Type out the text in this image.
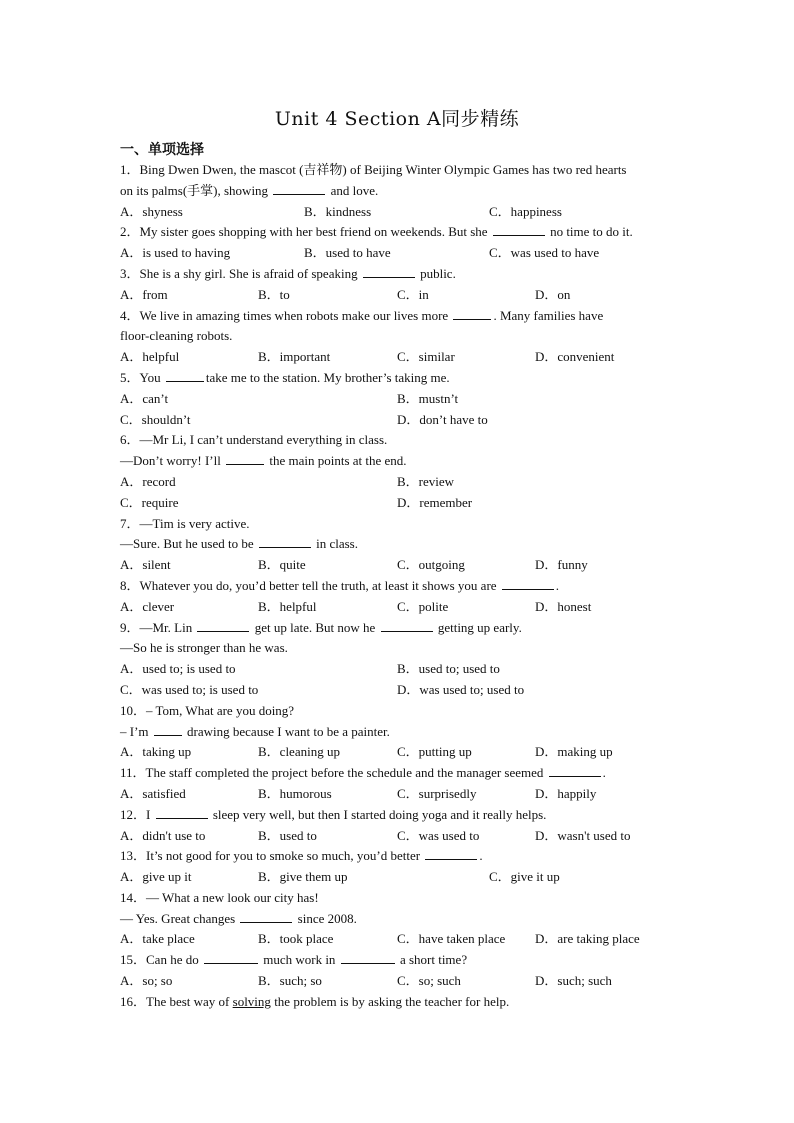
Unit 4 Section A同步精练
一、单项选择
1．Bing Dwen Dwen, the mascot (吉祥物) of Beijing Winter Olympic Games has two red hearts
on its palms(手掌), showing	and love.
A．shyness	B．kindness	C．happiness
2．My sister goes shopping with her best friend on weekends. But she	no time to do it.
A．is used to having	B．used to have	C．was used to have
3．She is a shy girl. She is afraid of speaking	public.
A．from	B．to	C．in	D．on
4．We live in amazing times when robots make our lives more	. Many families have
floor-cleaning robots.
A．helpful	B．important	C．similar	D．convenient
5．You	take me to the station. My brother’s taking me.
A．can’t	B．mustn’t
C．shouldn’t	D．don’t have to
6．—Mr Li, I can’t understand everything in class.
—Don’t worry! I’ll	the main points at the end.
A．record	B．review
C．require	D．remember
7．—Tim is very active.
—Sure. But he used to be	in class.
A．silent	B．quite	C．outgoing	D．funny
8．Whatever you do, you’d better tell the truth, at least it shows you are	.
A．clever	B．helpful	C．polite	D．honest
9．—Mr. Lin	get up late. But now he	getting up early.
—So he is stronger than he was.
A．used to; is used to	B．used to; used to
C．was used to; is used to	D．was used to; used to
10．– Tom, What are you doing?
– I’m	drawing because I want to be a painter.
A．taking up	B．cleaning up	C．putting up	D．making up
11．The staff completed the project before the schedule and the manager seemed	.
A．satisfied	B．humorous	C．surprisedly	D．happily
12．I	sleep very well, but then I started doing yoga and it really helps.
A．didn't use to	B．used to	C．was used to	D．wasn't used to
13．It’s not good for you to smoke so much, you’d better	.
A．give up it	B．give them up	C．give it up
14．— What a new look our city has!
— Yes. Great changes	since 2008.
A．take place	B．took place	C．have taken place D．are taking place
15．Can he do	much work in	a short time?
A．so; so	B．such; so	C．so; such	D．such; such
16．The best way of solving the problem is by asking the teacher for help.
